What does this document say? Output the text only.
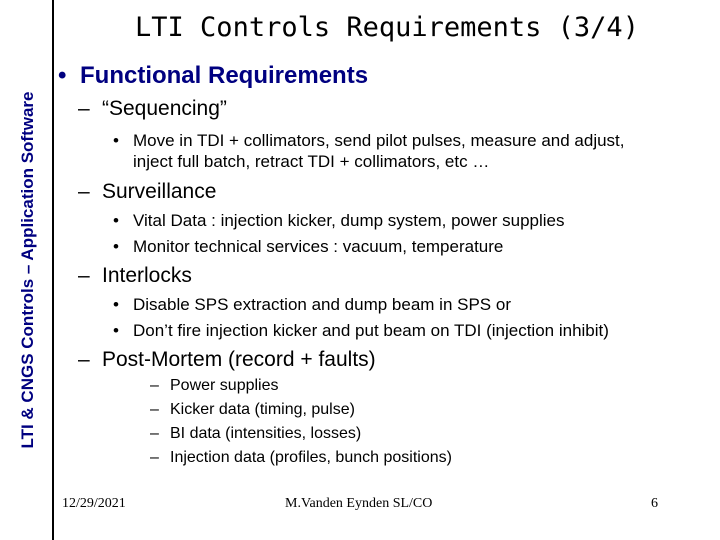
LTI & CNGS Controls – Application Software
LTI Controls Requirements (3/4)
• Functional Requirements
– “Sequencing”
• Move in TDI + collimators, send pilot pulses, measure and adjust, inject full batch, retract TDI + collimators, etc …
– Surveillance
• Vital Data : injection kicker, dump system, power supplies
• Monitor technical services : vacuum, temperature
– Interlocks
• Disable SPS extraction and dump beam in SPS or
• Don’t fire injection kicker and put beam on TDI (injection inhibit)
– Post-Mortem (record + faults)
– Power supplies
– Kicker data (timing, pulse)
– BI data (intensities, losses)
– Injection data (profiles, bunch positions)
12/29/2021	M.Vanden Eynden SL/CO	6
